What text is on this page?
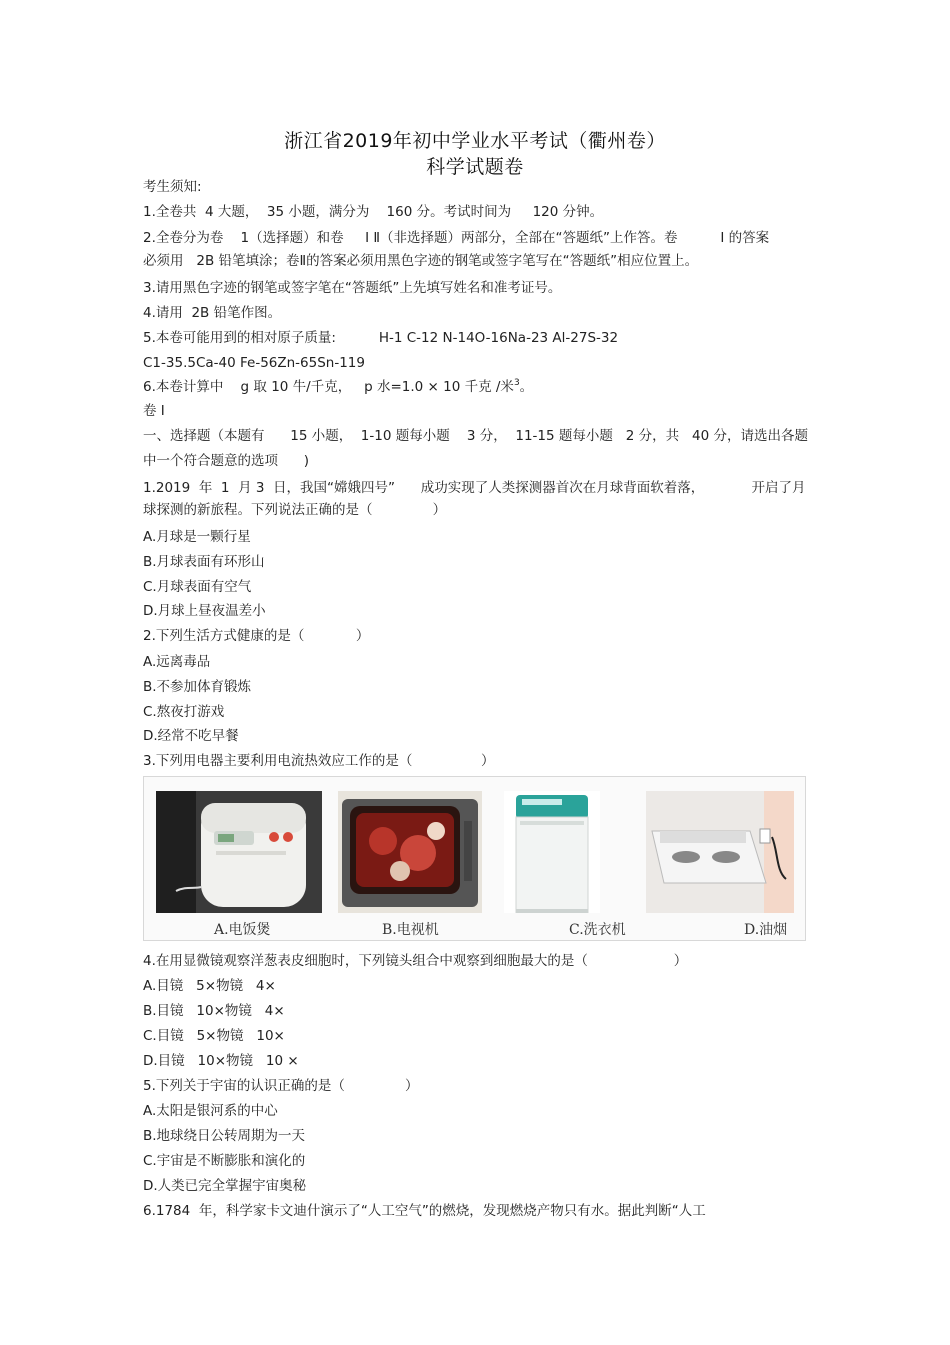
浙江省2019年初中学业水平考试（衢州卷）
科学试题卷
考生须知:
1.全卷共  4 大题，  35 小题，满分为    160 分。考试时间为     120 分钟。
2.全卷分为卷    1（选择题）和卷     I Ⅱ（非选择题）两部分，全部在“答题纸”上作答。卷          I 的答案
必须用   2B 铅笔填涂；卷Ⅱ的答案必须用黑色字迹的钢笔或签字笔写在“答题纸”相应位置上。
3.请用黑色字迹的钢笔或签字笔在“答题纸”上先填写姓名和准考证号。
4.请用  2B 铅笔作图。
5.本卷可能用到的相对原子质量:          H-1 C-12 N-14O-16Na-23 Al-27S-32
C1-35.5Ca-40 Fe-56Zn-65Sn-119
6.本卷计算中    g 取 10 牛/千克，   p 水=1.0 × 10 千克 /米$^3$。
卷 I
一、选择题（本题有      15 小题，  1-10 题每小题    3 分，  11-15 题每小题   2 分，共   40 分，请选出各题
中一个符合题意的选项      )
1.2019  年  1  月 3  日，我国“嫦娥四号”      成功实现了人类探测器首次在月球背面软着落，           开启了月
球探测的新旅程。下列说法正确的是（              ）
A.月球是一颗行星
B.月球表面有环形山
C.月球表面有空气
D.月球上昼夜温差小
2.下列生活方式健康的是（            ）
A.远离毒品
B.不参加体育锻炼
C.熬夜打游戏
D.经常不吃早餐
3.下列用电器主要利用电流热效应工作的是（                ）
A.电饭煲	B.电视机	C.洗衣机	D.油烟
4.在用显微镜观察洋葱表皮细胞时，下列镜头组合中观察到细胞最大的是（                    ）
A.目镜   5×物镜   4×
B.目镜   10×物镜   4×
C.目镜   5×物镜   10×
D.目镜   10×物镜   10 ×
5.下列关于宇宙的认识正确的是（              ）
A.太阳是银河系的中心
B.地球绕日公转周期为一天
C.宇宙是不断膨胀和演化的
D.人类已完全掌握宇宙奥秘
6.1784  年，科学家卡文迪什演示了“人工空气”的燃烧，发现燃烧产物只有水。据此判断“人工
